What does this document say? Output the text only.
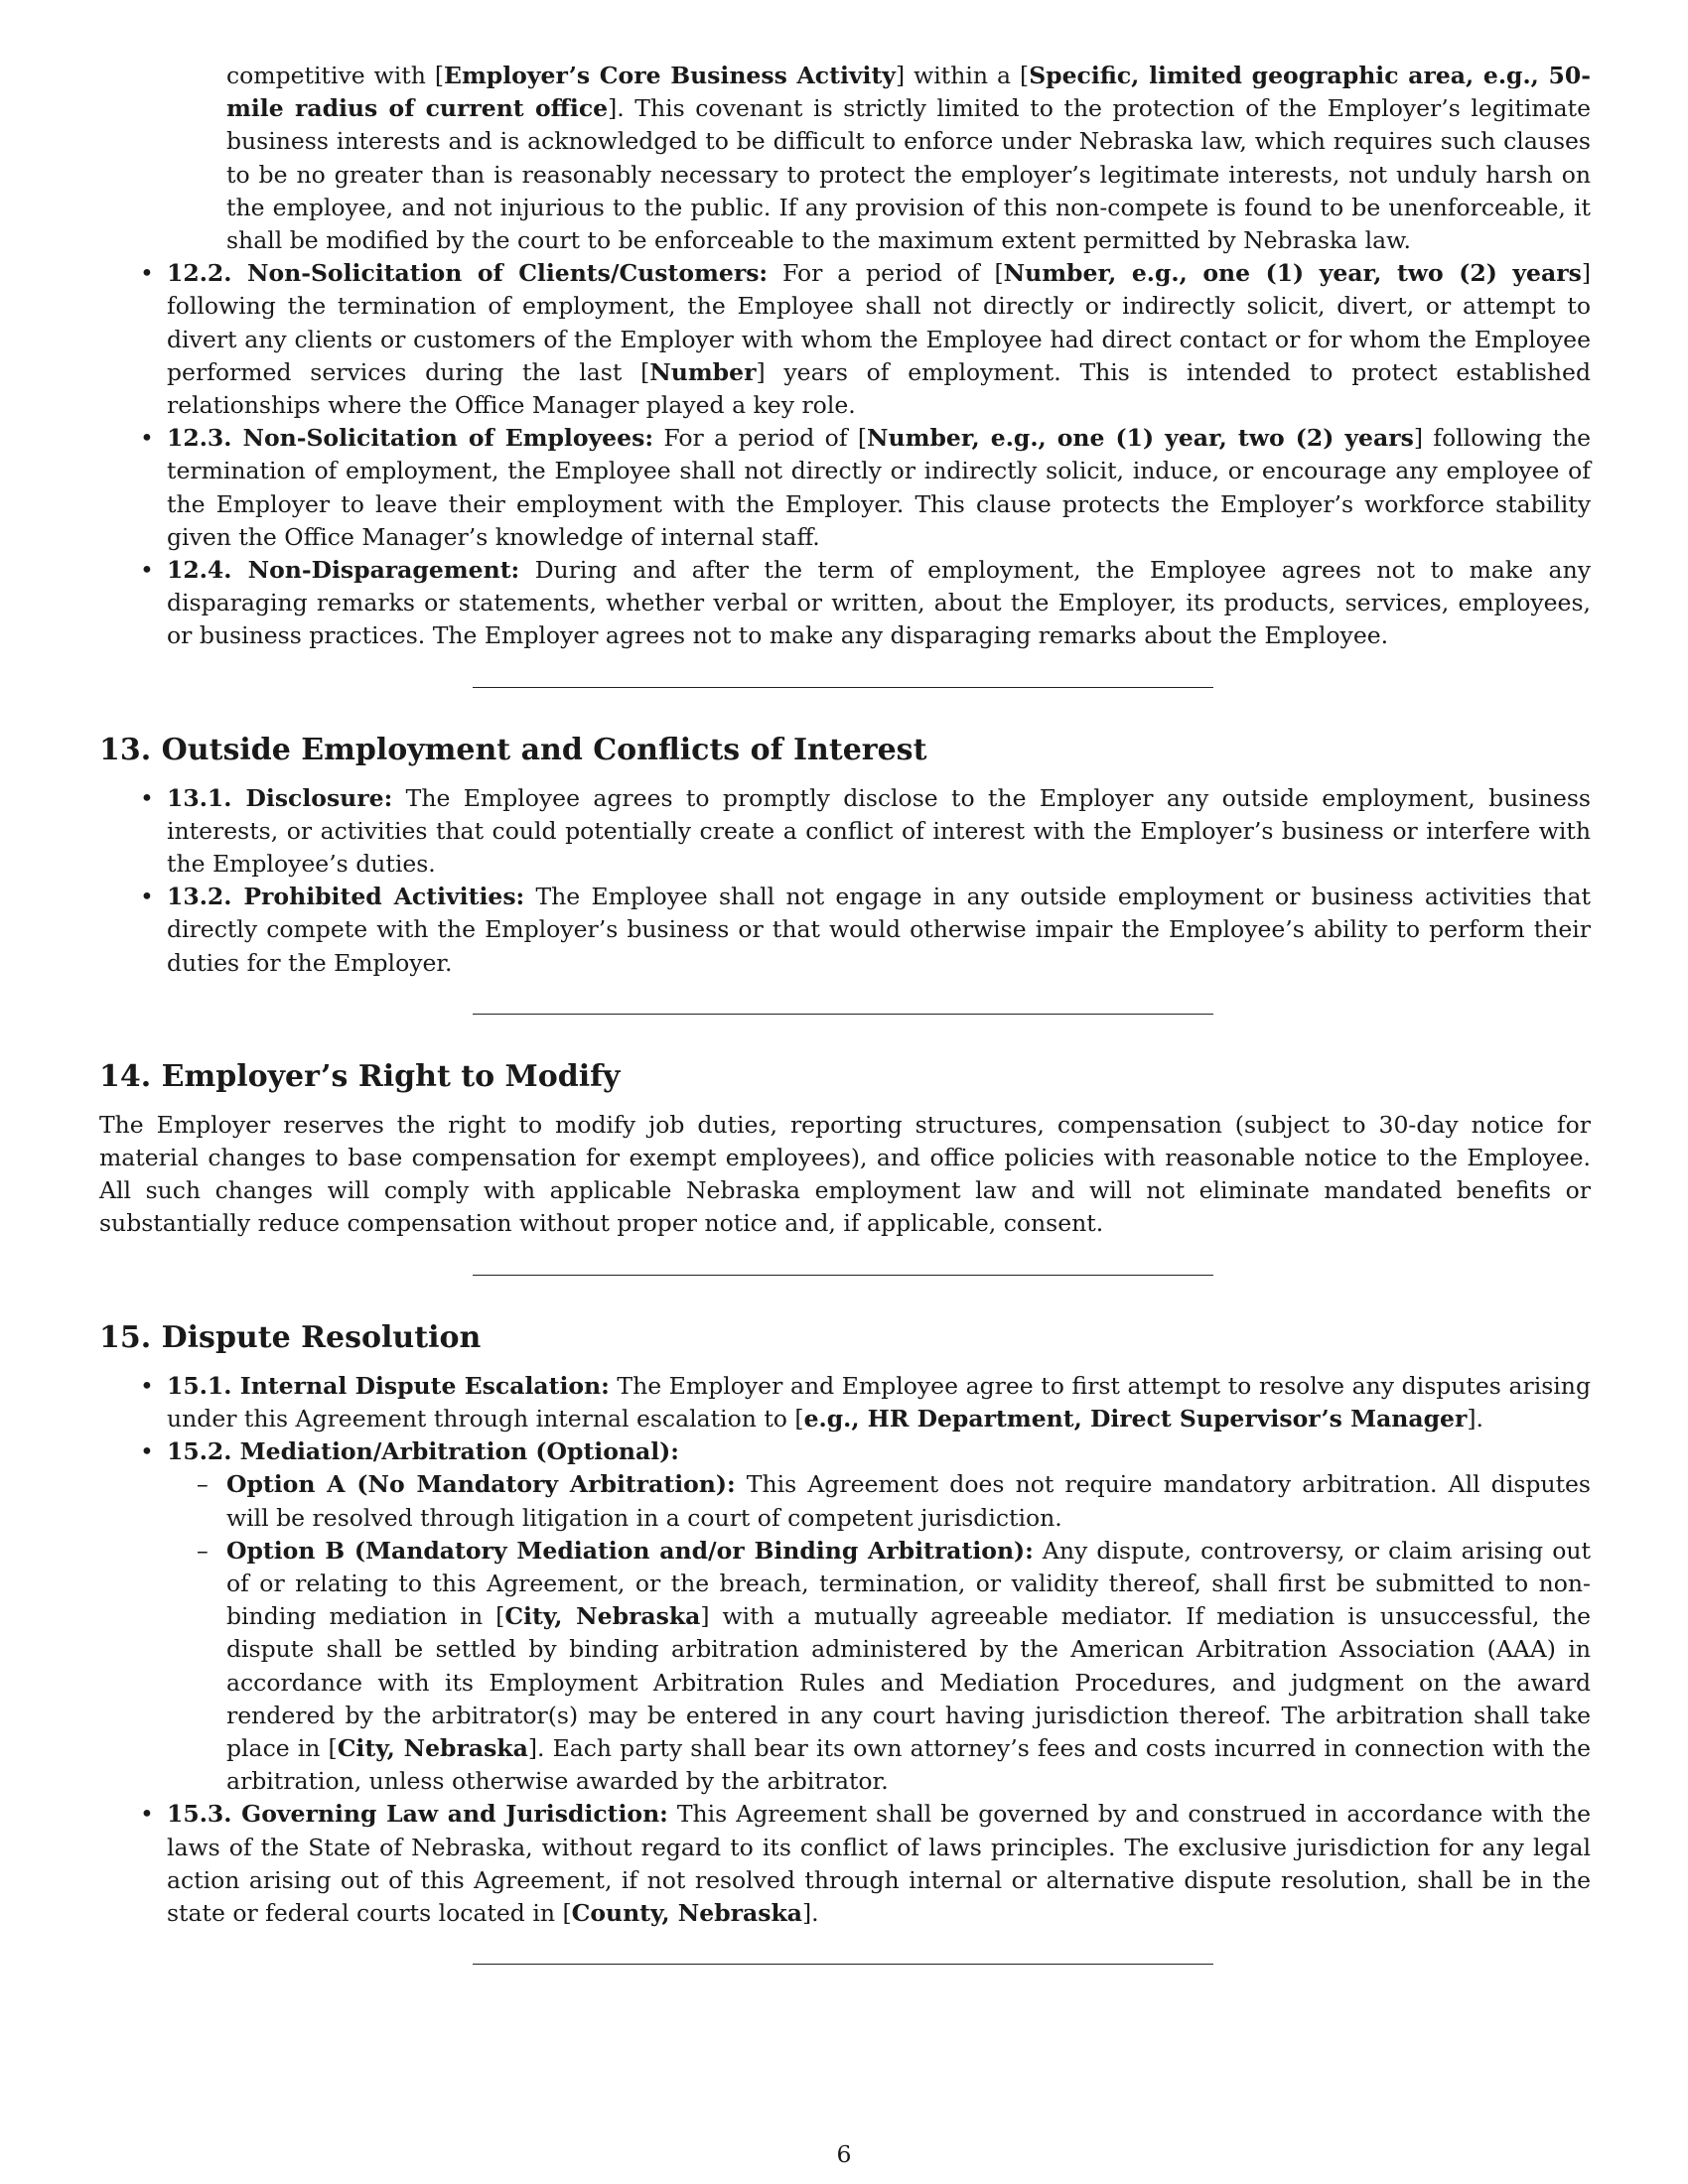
competitive with [Employer’s Core Business Activity] within a [Specific, limited geographic area, e.g., 50-mile radius of current office]. This covenant is strictly limited to the protection of the Employer’s legitimate business interests and is acknowledged to be difficult to enforce under Nebraska law, which requires such clauses to be no greater than is reasonably necessary to protect the employer’s legitimate interests, not unduly harsh on the employee, and not injurious to the public. If any provision of this non-compete is found to be unenforceable, it shall be modified by the court to be enforceable to the maximum extent permitted by Nebraska law.

• 12.2. Non-Solicitation of Clients/Customers: For a period of [Number, e.g., one (1) year, two (2) years] following the termination of employment, the Employee shall not directly or indirectly solicit, divert, or attempt to divert any clients or customers of the Employer with whom the Employee had direct contact or for whom the Employee performed services during the last [Number] years of employment. This is intended to protect established relationships where the Office Manager played a key role.
• 12.3. Non-Solicitation of Employees: For a period of [Number, e.g., one (1) year, two (2) years] following the termination of employment, the Employee shall not directly or indirectly solicit, induce, or encourage any employee of the Employer to leave their employment with the Employer. This clause protects the Employer’s workforce stability given the Office Manager’s knowledge of internal staff.
• 12.4. Non-Disparagement: During and after the term of employment, the Employee agrees not to make any disparaging remarks or statements, whether verbal or written, about the Employer, its products, services, employees, or business practices. The Employer agrees not to make any disparaging remarks about the Employee.
13. Outside Employment and Conflicts of Interest
• 13.1. Disclosure: The Employee agrees to promptly disclose to the Employer any outside employment, business interests, or activities that could potentially create a conflict of interest with the Employer’s business or interfere with the Employee’s duties.
• 13.2. Prohibited Activities: The Employee shall not engage in any outside employment or business activities that directly compete with the Employer’s business or that would otherwise impair the Employee’s ability to perform their duties for the Employer.
14. Employer’s Right to Modify

The Employer reserves the right to modify job duties, reporting structures, compensation (subject to 30-day notice for material changes to base compensation for exempt employees), and office policies with reasonable notice to the Employee. All such changes will comply with applicable Nebraska employment law and will not eliminate mandated benefits or substantially reduce compensation without proper notice and, if applicable, consent.

15. Dispute Resolution
• 15.1. Internal Dispute Escalation: The Employer and Employee agree to first attempt to resolve any disputes arising under this Agreement through internal escalation to [e.g., HR Department, Direct Supervisor’s Manager].
• 15.2. Mediation/Arbitration (Optional):
– Option A (No Mandatory Arbitration): This Agreement does not require mandatory arbitration. All disputes will be resolved through litigation in a court of competent jurisdiction.
– Option B (Mandatory Mediation and/or Binding Arbitration): Any dispute, controversy, or claim arising out of or relating to this Agreement, or the breach, termination, or validity thereof, shall first be submitted to non-binding mediation in [City, Nebraska] with a mutually agreeable mediator. If mediation is unsuccessful, the dispute shall be settled by binding arbitration administered by the American Arbitration Association (AAA) in accordance with its Employment Arbitration Rules and Mediation Procedures, and judgment on the award rendered by the arbitrator(s) may be entered in any court having jurisdiction thereof. The arbitration shall take place in [City, Nebraska]. Each party shall bear its own attorney’s fees and costs incurred in connection with the arbitration, unless otherwise awarded by the arbitrator.
• 15.3. Governing Law and Jurisdiction: This Agreement shall be governed by and construed in accordance with the laws of the State of Nebraska, without regard to its conflict of laws principles. The exclusive jurisdiction for any legal action arising out of this Agreement, if not resolved through internal or alternative dispute resolution, shall be in the state or federal courts located in [County, Nebraska].
6
